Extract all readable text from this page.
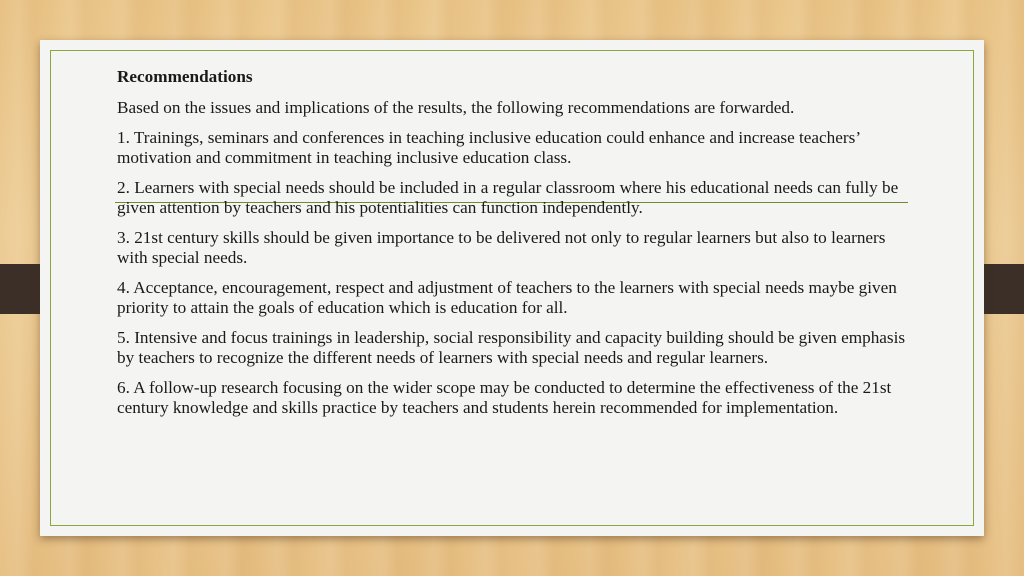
Recommendations
Based on the issues and implications of the results, the following recommendations are forwarded.
1. Trainings, seminars and conferences in teaching inclusive education could enhance and increase teachers’ motivation and commitment in teaching inclusive education class.
2. Learners with special needs should be included in a regular classroom where his educational needs can fully be given attention by teachers and his potentialities can function independently.
3. 21st century skills should be given importance to be delivered not only to regular learners but also to learners with special needs.
4. Acceptance, encouragement, respect and adjustment of teachers to the learners with special needs maybe given priority to attain the goals of education which is education for all.
5. Intensive and focus trainings in leadership, social responsibility and capacity building should be given emphasis by teachers to recognize the different needs of learners with special needs and regular learners.
6. A follow-up research focusing on the wider scope may be conducted to determine the effectiveness of the 21st century knowledge and skills practice by teachers and students herein recommended for implementation.
